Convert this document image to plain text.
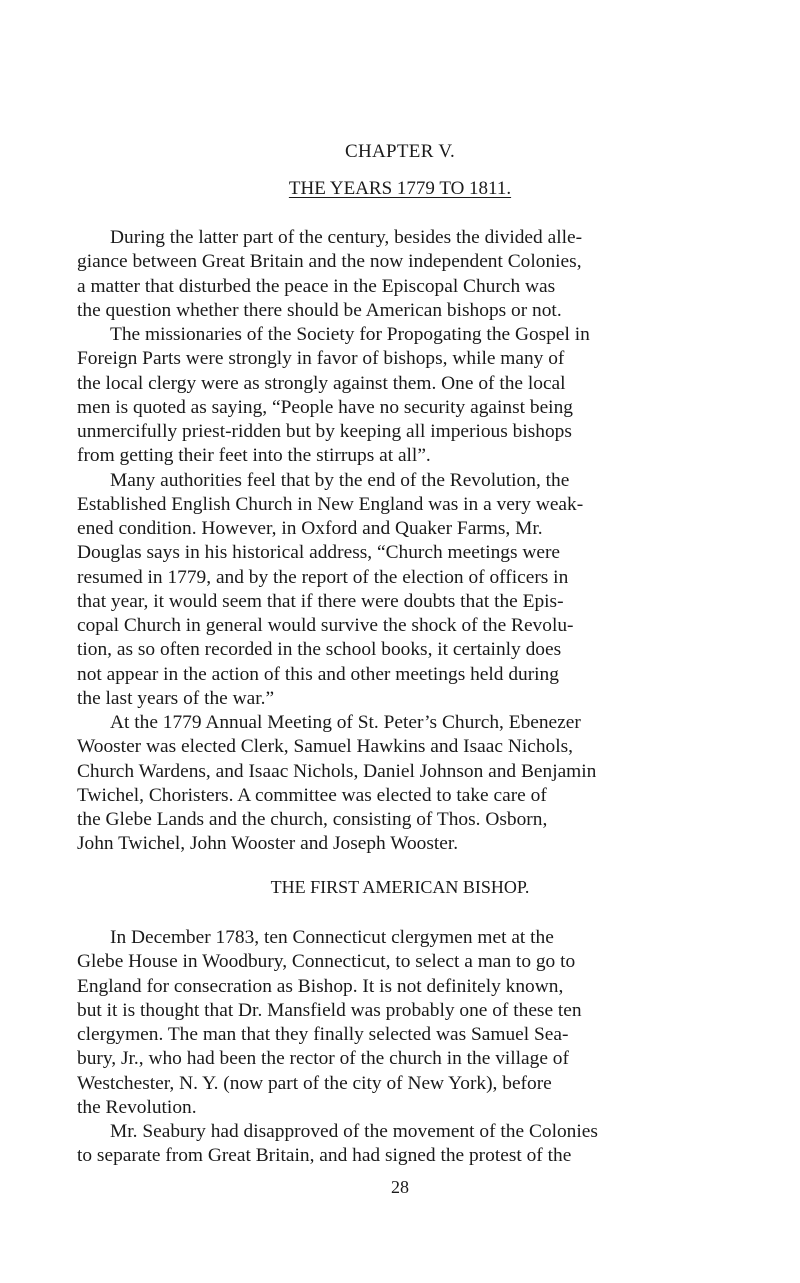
CHAPTER V.
THE YEARS 1779 TO 1811.
During the latter part of the century, besides the divided alle-
giance between Great Britain and the now independent Colonies,
a matter that disturbed the peace in the Episcopal Church was
the question whether there should be American bishops or not.
The missionaries of the Society for Propogating the Gospel in
Foreign Parts were strongly in favor of bishops, while many of
the local clergy were as strongly against them. One of the local
men is quoted as saying, “People have no security against being
unmercifully priest-ridden but by keeping all imperious bishops
from getting their feet into the stirrups at all”.
Many authorities feel that by the end of the Revolution, the
Established English Church in New England was in a very weak-
ened condition. However, in Oxford and Quaker Farms, Mr.
Douglas says in his historical address, “Church meetings were
resumed in 1779, and by the report of the election of officers in
that year, it would seem that if there were doubts that the Epis-
copal Church in general would survive the shock of the Revolu-
tion, as so often recorded in the school books, it certainly does
not appear in the action of this and other meetings held during
the last years of the war.”
At the 1779 Annual Meeting of St. Peter’s Church, Ebenezer
Wooster was elected Clerk, Samuel Hawkins and Isaac Nichols,
Church Wardens, and Isaac Nichols, Daniel Johnson and Benjamin
Twichel, Choristers. A committee was elected to take care of
the Glebe Lands and the church, consisting of Thos. Osborn,
John Twichel, John Wooster and Joseph Wooster.
THE FIRST AMERICAN BISHOP.
In December 1783, ten Connecticut clergymen met at the
Glebe House in Woodbury, Connecticut, to select a man to go to
England for consecration as Bishop. It is not definitely known,
but it is thought that Dr. Mansfield was probably one of these ten
clergymen. The man that they finally selected was Samuel Sea-
bury, Jr., who had been the rector of the church in the village of
Westchester, N. Y. (now part of the city of New York), before
the Revolution.
Mr. Seabury had disapproved of the movement of the Colonies
to separate from Great Britain, and had signed the protest of the
28
